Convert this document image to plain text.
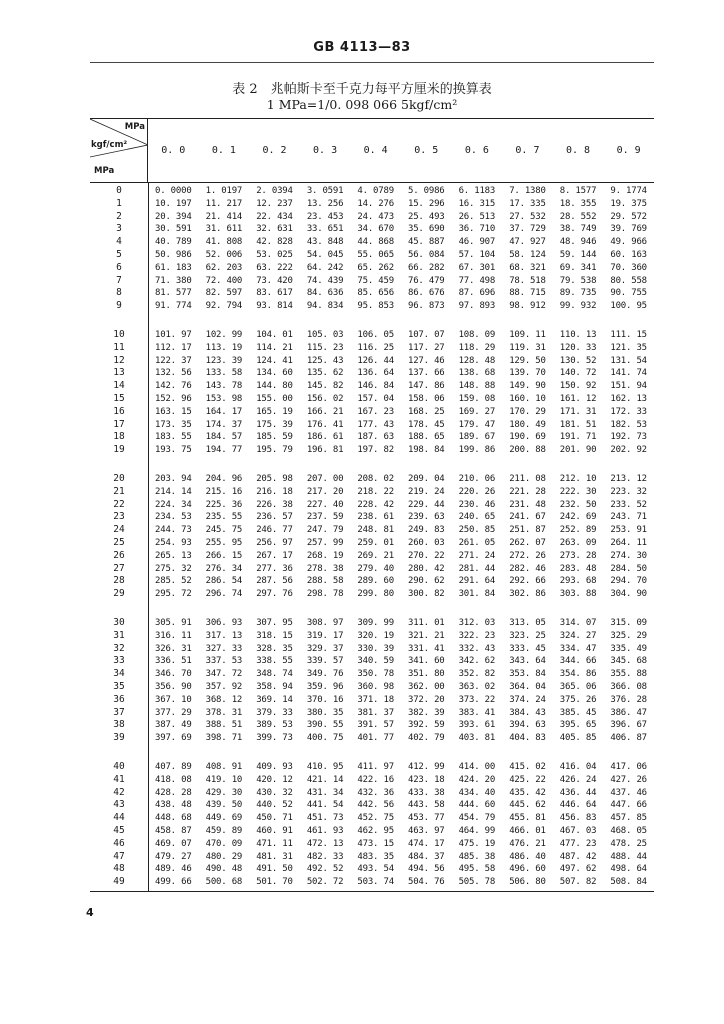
GB 4113—83
表 2　兆帕斯卡至千克力每平方厘米的换算表
1 MPa=1/0. 098 066 5kgf/cm²
MPa
kgf/cm²
MPa
0. 0	0. 1	0. 2	0. 3	0. 4	0. 5	0. 6	0. 7	0. 8	0. 9
0	0. 0000	1. 0197	2. 0394	3. 0591	4. 0789	5. 0986	6. 1183	7. 1380	8. 1577	9. 1774
1	10. 197	11. 217	12. 237	13. 256	14. 276	15. 296	16. 315	17. 335	18. 355	19. 375
2	20. 394	21. 414	22. 434	23. 453	24. 473	25. 493	26. 513	27. 532	28. 552	29. 572
3	30. 591	31. 611	32. 631	33. 651	34. 670	35. 690	36. 710	37. 729	38. 749	39. 769
4	40. 789	41. 808	42. 828	43. 848	44. 868	45. 887	46. 907	47. 927	48. 946	49. 966
5	50. 986	52. 006	53. 025	54. 045	55. 065	56. 084	57. 104	58. 124	59. 144	60. 163
6	61. 183	62. 203	63. 222	64. 242	65. 262	66. 282	67. 301	68. 321	69. 341	70. 360
7	71. 380	72. 400	73. 420	74. 439	75. 459	76. 479	77. 498	78. 518	79. 538	80. 558
8	81. 577	82. 597	83. 617	84. 636	85. 656	86. 676	87. 696	88. 715	89. 735	90. 755
9	91. 774	92. 794	93. 814	94. 834	95. 853	96. 873	97. 893	98. 912	99. 932	100. 95
10	101. 97	102. 99	104. 01	105. 03	106. 05	107. 07	108. 09	109. 11	110. 13	111. 15
11	112. 17	113. 19	114. 21	115. 23	116. 25	117. 27	118. 29	119. 31	120. 33	121. 35
12	122. 37	123. 39	124. 41	125. 43	126. 44	127. 46	128. 48	129. 50	130. 52	131. 54
13	132. 56	133. 58	134. 60	135. 62	136. 64	137. 66	138. 68	139. 70	140. 72	141. 74
14	142. 76	143. 78	144. 80	145. 82	146. 84	147. 86	148. 88	149. 90	150. 92	151. 94
15	152. 96	153. 98	155. 00	156. 02	157. 04	158. 06	159. 08	160. 10	161. 12	162. 13
16	163. 15	164. 17	165. 19	166. 21	167. 23	168. 25	169. 27	170. 29	171. 31	172. 33
17	173. 35	174. 37	175. 39	176. 41	177. 43	178. 45	179. 47	180. 49	181. 51	182. 53
18	183. 55	184. 57	185. 59	186. 61	187. 63	188. 65	189. 67	190. 69	191. 71	192. 73
19	193. 75	194. 77	195. 79	196. 81	197. 82	198. 84	199. 86	200. 88	201. 90	202. 92
20	203. 94	204. 96	205. 98	207. 00	208. 02	209. 04	210. 06	211. 08	212. 10	213. 12
21	214. 14	215. 16	216. 18	217. 20	218. 22	219. 24	220. 26	221. 28	222. 30	223. 32
22	224. 34	225. 36	226. 38	227. 40	228. 42	229. 44	230. 46	231. 48	232. 50	233. 52
23	234. 53	235. 55	236. 57	237. 59	238. 61	239. 63	240. 65	241. 67	242. 69	243. 71
24	244. 73	245. 75	246. 77	247. 79	248. 81	249. 83	250. 85	251. 87	252. 89	253. 91
25	254. 93	255. 95	256. 97	257. 99	259. 01	260. 03	261. 05	262. 07	263. 09	264. 11
26	265. 13	266. 15	267. 17	268. 19	269. 21	270. 22	271. 24	272. 26	273. 28	274. 30
27	275. 32	276. 34	277. 36	278. 38	279. 40	280. 42	281. 44	282. 46	283. 48	284. 50
28	285. 52	286. 54	287. 56	288. 58	289. 60	290. 62	291. 64	292. 66	293. 68	294. 70
29	295. 72	296. 74	297. 76	298. 78	299. 80	300. 82	301. 84	302. 86	303. 88	304. 90
30	305. 91	306. 93	307. 95	308. 97	309. 99	311. 01	312. 03	313. 05	314. 07	315. 09
31	316. 11	317. 13	318. 15	319. 17	320. 19	321. 21	322. 23	323. 25	324. 27	325. 29
32	326. 31	327. 33	328. 35	329. 37	330. 39	331. 41	332. 43	333. 45	334. 47	335. 49
33	336. 51	337. 53	338. 55	339. 57	340. 59	341. 60	342. 62	343. 64	344. 66	345. 68
34	346. 70	347. 72	348. 74	349. 76	350. 78	351. 80	352. 82	353. 84	354. 86	355. 88
35	356. 90	357. 92	358. 94	359. 96	360. 98	362. 00	363. 02	364. 04	365. 06	366. 08
36	367. 10	368. 12	369. 14	370. 16	371. 18	372. 20	373. 22	374. 24	375. 26	376. 28
37	377. 29	378. 31	379. 33	380. 35	381. 37	382. 39	383. 41	384. 43	385. 45	386. 47
38	387. 49	388. 51	389. 53	390. 55	391. 57	392. 59	393. 61	394. 63	395. 65	396. 67
39	397. 69	398. 71	399. 73	400. 75	401. 77	402. 79	403. 81	404. 83	405. 85	406. 87
40	407. 89	408. 91	409. 93	410. 95	411. 97	412. 99	414. 00	415. 02	416. 04	417. 06
41	418. 08	419. 10	420. 12	421. 14	422. 16	423. 18	424. 20	425. 22	426. 24	427. 26
42	428. 28	429. 30	430. 32	431. 34	432. 36	433. 38	434. 40	435. 42	436. 44	437. 46
43	438. 48	439. 50	440. 52	441. 54	442. 56	443. 58	444. 60	445. 62	446. 64	447. 66
44	448. 68	449. 69	450. 71	451. 73	452. 75	453. 77	454. 79	455. 81	456. 83	457. 85
45	458. 87	459. 89	460. 91	461. 93	462. 95	463. 97	464. 99	466. 01	467. 03	468. 05
46	469. 07	470. 09	471. 11	472. 13	473. 15	474. 17	475. 19	476. 21	477. 23	478. 25
47	479. 27	480. 29	481. 31	482. 33	483. 35	484. 37	485. 38	486. 40	487. 42	488. 44
48	489. 46	490. 48	491. 50	492. 52	493. 54	494. 56	495. 58	496. 60	497. 62	498. 64
49	499. 66	500. 68	501. 70	502. 72	503. 74	504. 76	505. 78	506. 80	507. 82	508. 84
4
